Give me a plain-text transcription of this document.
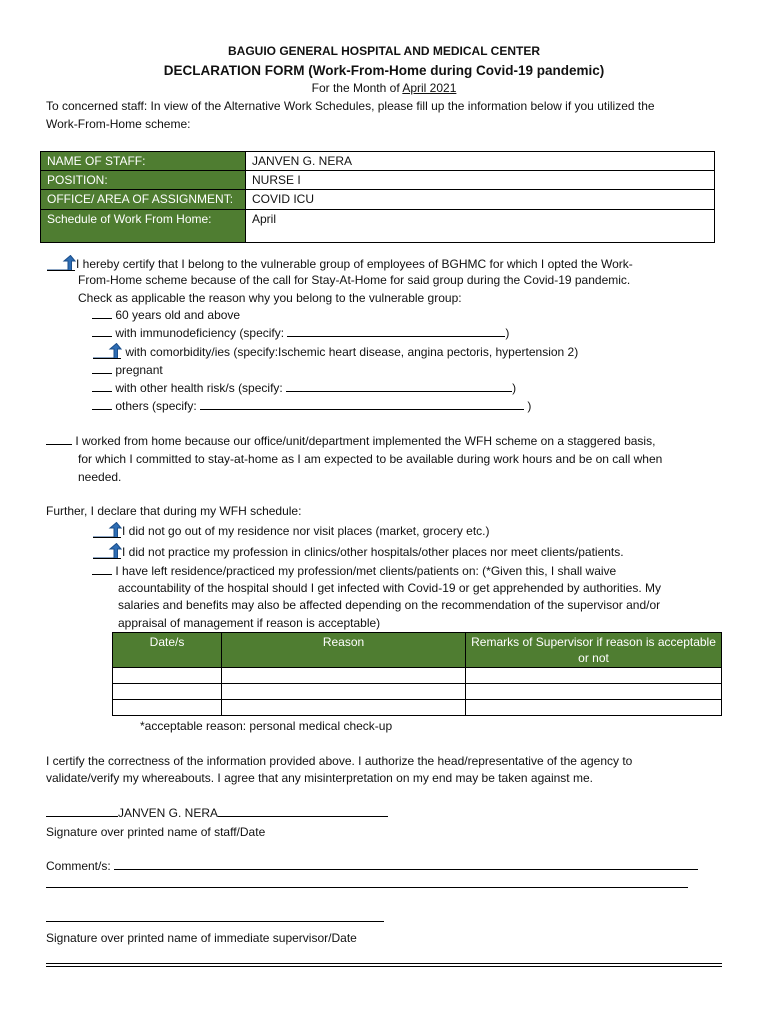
BAGUIO GENERAL HOSPITAL AND MEDICAL CENTER
DECLARATION FORM (Work-From-Home during Covid-19 pandemic)
For the Month of April 2021
To concerned staff: In view of the Alternative Work Schedules, please fill up the information below if you utilized the
Work-From-Home scheme:
NAME OF STAFF:	JANVEN G. NERA
POSITION:	NURSE I
OFFICE/ AREA OF ASSIGNMENT:	COVID ICU
Schedule of Work From Home:	April
I hereby certify that I belong to the vulnerable group of employees of BGHMC for which I opted the Work-
From-Home scheme because of the call for Stay-At-Home for said group during the Covid-19 pandemic.
Check as applicable the reason why you belong to the vulnerable group:
60 years old and above
with immunodeficiency (specify:	)
with comorbidity/ies (specify:Ischemic heart disease, angina pectoris, hypertension 2)
pregnant
with other health risk/s (specify:	)
others (specify:	)
I worked from home because our office/unit/department implemented the WFH scheme on a staggered basis,
for which I committed to stay-at-home as I am expected to be available during work hours and be on call when
needed.
Further, I declare that during my WFH schedule:
I did not go out of my residence nor visit places (market, grocery etc.)
I did not practice my profession in clinics/other hospitals/other places nor meet clients/patients.
I have left residence/practiced my profession/met clients/patients on: (*Given this, I shall waive
accountability of the hospital should I get infected with Covid-19 or get apprehended by authorities. My
salaries and benefits may also be affected depending on the recommendation of the supervisor and/or
appraisal of management if reason is acceptable)
Date/s	Reason	Remarks of Supervisor if reason is acceptable or not

*acceptable reason: personal medical check-up
I certify the correctness of the information provided above. I authorize the head/representative of the agency to
validate/verify my whereabouts. I agree that any misinterpretation on my end may be taken against me.
JANVEN G. NERA
Signature over printed name of staff/Date
Comment/s:
Signature over printed name of immediate supervisor/Date
